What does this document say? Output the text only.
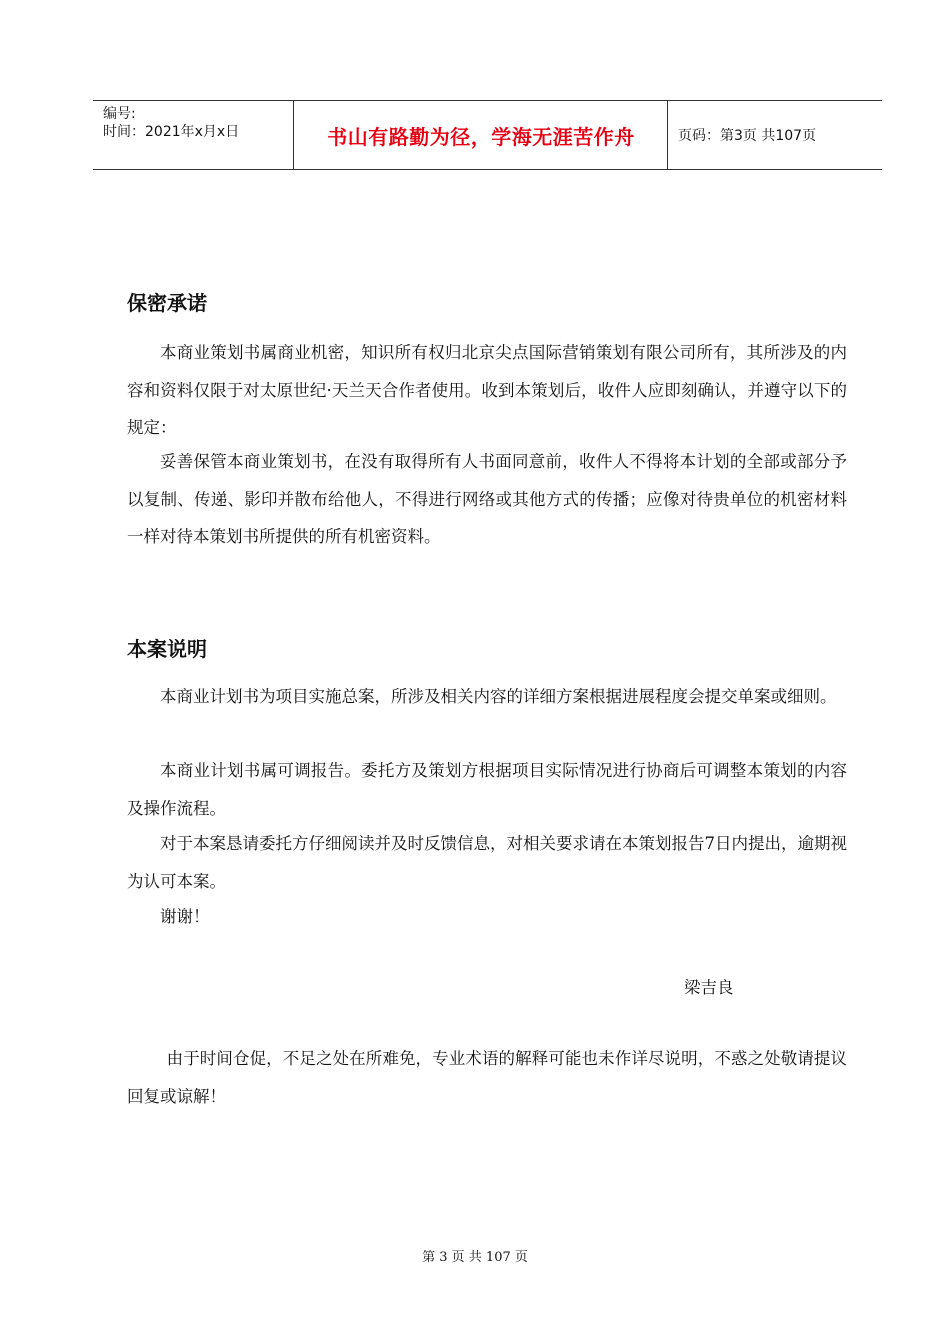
编号:
时间：2021年x月x日	书山有路勤为径，学海无涯苦作舟	页码：第3页 共107页
保密承诺

本商业策划书属商业机密，知识所有权归北京尖点国际营销策划有限公司所有，其所涉及的内容和资料仅限于对太原世纪·天兰天合作者使用。收到本策划后，收件人应即刻确认，并遵守以下的规定：

妥善保管本商业策划书，在没有取得所有人书面同意前，收件人不得将本计划的全部或部分予以复制、传递、影印并散布给他人，不得进行网络或其他方式的传播；应像对待贵单位的机密材料一样对待本策划书所提供的所有机密资料。

本案说明

本商业计划书为项目实施总案，所涉及相关内容的详细方案根据进展程度会提交单案或细则。

本商业计划书属可调报告。委托方及策划方根据项目实际情况进行协商后可调整本策划的内容及操作流程。

对于本案恳请委托方仔细阅读并及时反馈信息，对相关要求请在本策划报告7日内提出，逾期视为认可本案。

谢谢！

梁吉良

由于时间仓促，不足之处在所难免，专业术语的解释可能也未作详尽说明，不惑之处敬请提议回复或谅解！

第 3 页 共 107 页
